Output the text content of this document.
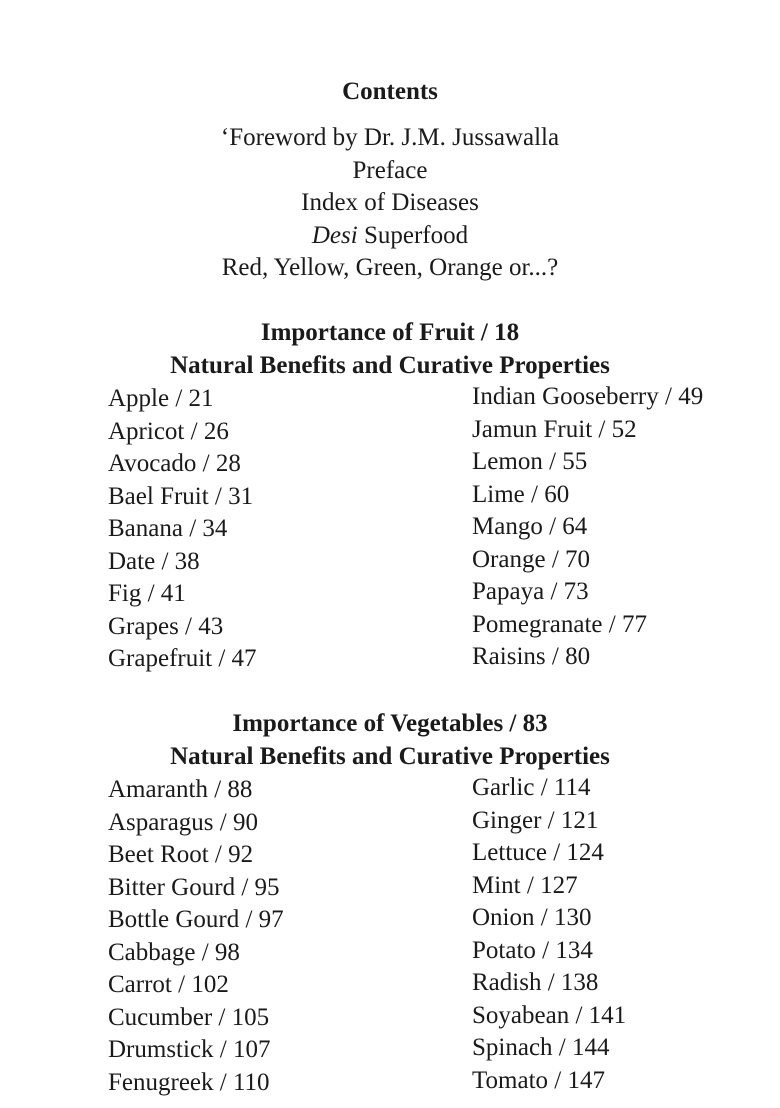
Contents
‘Foreword by Dr. J.M. Jussawalla
Preface
Index of Diseases
Desi Superfood
Red, Yellow, Green, Orange or...?
Importance of Fruit / 18
Natural Benefits and Curative Properties
Apple / 21
Apricot / 26
Avocado / 28
Bael Fruit / 31
Banana / 34
Date / 38
Fig / 41
Grapes / 43
Grapefruit / 47
Indian Gooseberry / 49
Jamun Fruit / 52
Lemon / 55
Lime / 60
Mango / 64
Orange / 70
Papaya / 73
Pomegranate / 77
Raisins / 80
Importance of Vegetables / 83
Natural Benefits and Curative Properties
Amaranth / 88
Asparagus / 90
Beet Root / 92
Bitter Gourd / 95
Bottle Gourd / 97
Cabbage / 98
Carrot / 102
Cucumber / 105
Drumstick / 107
Fenugreek / 110
Garlic / 114
Ginger / 121
Lettuce / 124
Mint / 127
Onion / 130
Potato / 134
Radish / 138
Soyabean / 141
Spinach / 144
Tomato / 147
